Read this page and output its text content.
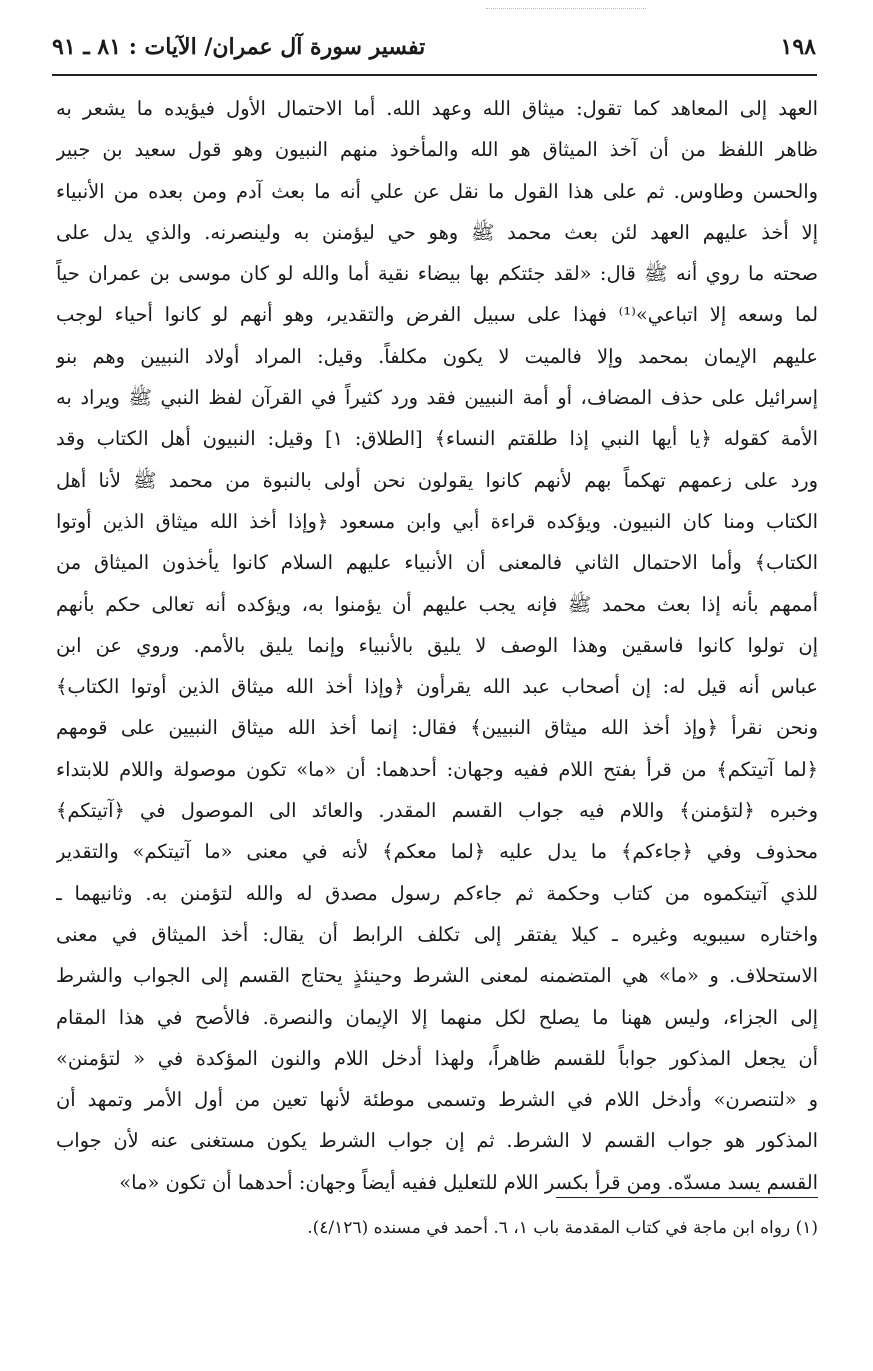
١٩٨
تفسير سورة آل عمران/ الآيات : ٨١ ـ ٩١
العهد إلى المعاهد كما تقول: ميثاق الله وعهد الله. أما الاحتمال الأول فيؤيده ما يشعر به
ظاهر اللفظ من أن آخذ الميثاق هو الله والمأخوذ منهم النبيون وهو قول سعيد بن جبير
والحسن وطاوس. ثم على هذا القول ما نقل عن علي أنه ما بعث آدم ومن بعده من الأنبياء
إلا أخذ عليهم العهد لئن بعث محمد ﷺ وهو حي ليؤمنن به ولينصرنه. والذي يدل على
صحته ما روي أنه ﷺ قال: «لقد جئتكم بها بيضاء نقية أما والله لو كان موسى بن عمران حياً
لما وسعه إلا اتباعي»⁽¹⁾ فهذا على سبيل الفرض والتقدير، وهو أنهم لو كانوا أحياء لوجب
عليهم الإيمان بمحمد وإلا فالميت لا يكون مكلفاً. وقيل: المراد أولاد النبيين وهم بنو
إسرائيل على حذف المضاف، أو أمة النبيين فقد ورد كثيراً في القرآن لفظ النبي ﷺ ويراد به
الأمة كقوله ﴿يا أيها النبي إذا طلقتم النساء﴾ [الطلاق: ١] وقيل: النبيون أهل الكتاب وقد
ورد على زعمهم تهكماً بهم لأنهم كانوا يقولون نحن أولى بالنبوة من محمد ﷺ لأنا أهل
الكتاب ومنا كان النبيون. ويؤكده قراءة أبي وابن مسعود ﴿وإذا أخذ الله ميثاق الذين أوتوا
الكتاب﴾ وأما الاحتمال الثاني فالمعنى أن الأنبياء عليهم السلام كانوا يأخذون الميثاق من
أممهم بأنه إذا بعث محمد ﷺ فإنه يجب عليهم أن يؤمنوا به، ويؤكده أنه تعالى حكم بأنهم
إن تولوا كانوا فاسقين وهذا الوصف لا يليق بالأنبياء وإنما يليق بالأمم. وروي عن ابن
عباس أنه قيل له: إن أصحاب عبد الله يقرأون ﴿وإذا أخذ الله ميثاق الذين أوتوا الكتاب﴾
ونحن نقرأ ﴿وإذ أخذ الله ميثاق النبيين﴾ فقال: إنما أخذ الله ميثاق النبيين على قومهم
﴿لما آتيتكم﴾ من قرأ بفتح اللام ففيه وجهان: أحدهما: أن «ما» تكون موصولة واللام للابتداء
وخبره ﴿لتؤمنن﴾ واللام فيه جواب القسم المقدر. والعائد الى الموصول في ﴿آتيتكم﴾
محذوف وفي ﴿جاءكم﴾ ما يدل عليه ﴿لما معكم﴾ لأنه في معنى «ما آتيتكم» والتقدير
للذي آتيتكموه من كتاب وحكمة ثم جاءكم رسول مصدق له والله لتؤمنن به. وثانيهما ـ
واختاره سيبويه وغيره ـ كيلا يفتقر إلى تكلف الرابط أن يقال: أخذ الميثاق في معنى
الاستحلاف. و «ما» هي المتضمنه لمعنى الشرط وحينئذٍ يحتاج القسم إلى الجواب والشرط
إلى الجزاء، وليس ههنا ما يصلح لكل منهما إلا الإيمان والنصرة. فالأصح في هذا المقام
أن يجعل المذكور جواباً للقسم ظاهراً، ولهذا أدخل اللام والنون المؤكدة في « لتؤمنن»
و «لتنصرن» وأدخل اللام في الشرط وتسمى موطئة لأنها تعين من أول الأمر وتمهد أن
المذكور هو جواب القسم لا الشرط. ثم إن جواب الشرط يكون مستغنى عنه لأن جواب
القسم يسد مسدّه. ومن قرأ بكسر اللام للتعليل ففيه أيضاً وجهان: أحدهما أن تكون «ما»
(١) رواه ابن ماجة في كتاب المقدمة باب ١، ٦. أحمد في مسنده (٤/١٢٦).
